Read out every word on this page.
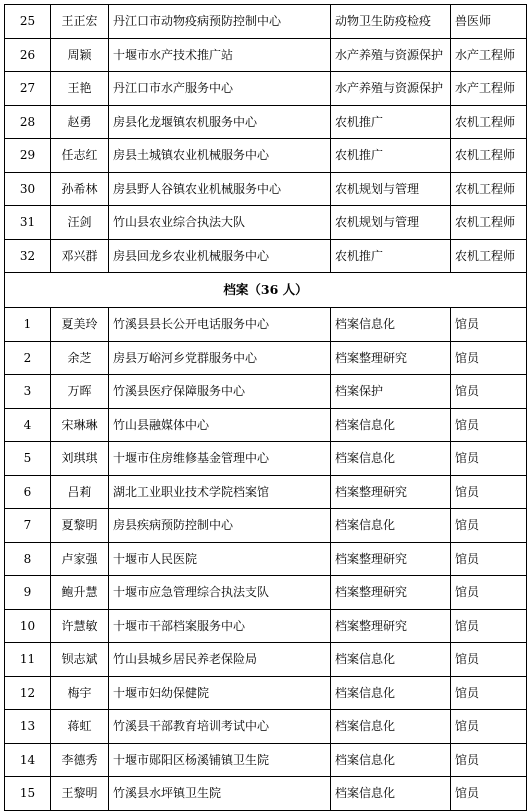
25	王正宏	丹江口市动物疫病预防控制中心	动物卫生防疫检疫	兽医师
26	周颖	十堰市水产技术推广站	水产养殖与资源保护	水产工程师
27	王艳	丹江口市水产服务中心	水产养殖与资源保护	水产工程师
28	赵勇	房县化龙堰镇农机服务中心	农机推广	农机工程师
29	任志红	房县土城镇农业机械服务中心	农机推广	农机工程师
30	孙希林	房县野人谷镇农业机械服务中心	农机规划与管理	农机工程师
31	汪剑	竹山县农业综合执法大队	农机规划与管理	农机工程师
32	邓兴群	房县回龙乡农业机械服务中心	农机推广	农机工程师
档案（36 人）				
1	夏美玲	竹溪县县长公开电话服务中心	档案信息化	馆员
2	余芝	房县万峪河乡党群服务中心	档案整理研究	馆员
3	万晖	竹溪县医疗保障服务中心	档案保护	馆员
4	宋琳琳	竹山县融媒体中心	档案信息化	馆员
5	刘琪琪	十堰市住房维修基金管理中心	档案信息化	馆员
6	吕莉	湖北工业职业技术学院档案馆	档案整理研究	馆员
7	夏黎明	房县疾病预防控制中心	档案信息化	馆员
8	卢家强	十堰市人民医院	档案整理研究	馆员
9	鲍升慧	十堰市应急管理综合执法支队	档案整理研究	馆员
10	许慧敏	十堰市干部档案服务中心	档案整理研究	馆员
11	钡志斌	竹山县城乡居民养老保险局	档案信息化	馆员
12	梅宇	十堰市妇幼保健院	档案信息化	馆员
13	蒋虹	竹溪县干部教育培训考试中心	档案信息化	馆员
14	李德秀	十堰市郧阳区杨溪铺镇卫生院	档案信息化	馆员
15	王黎明	竹溪县水坪镇卫生院	档案信息化	馆员
